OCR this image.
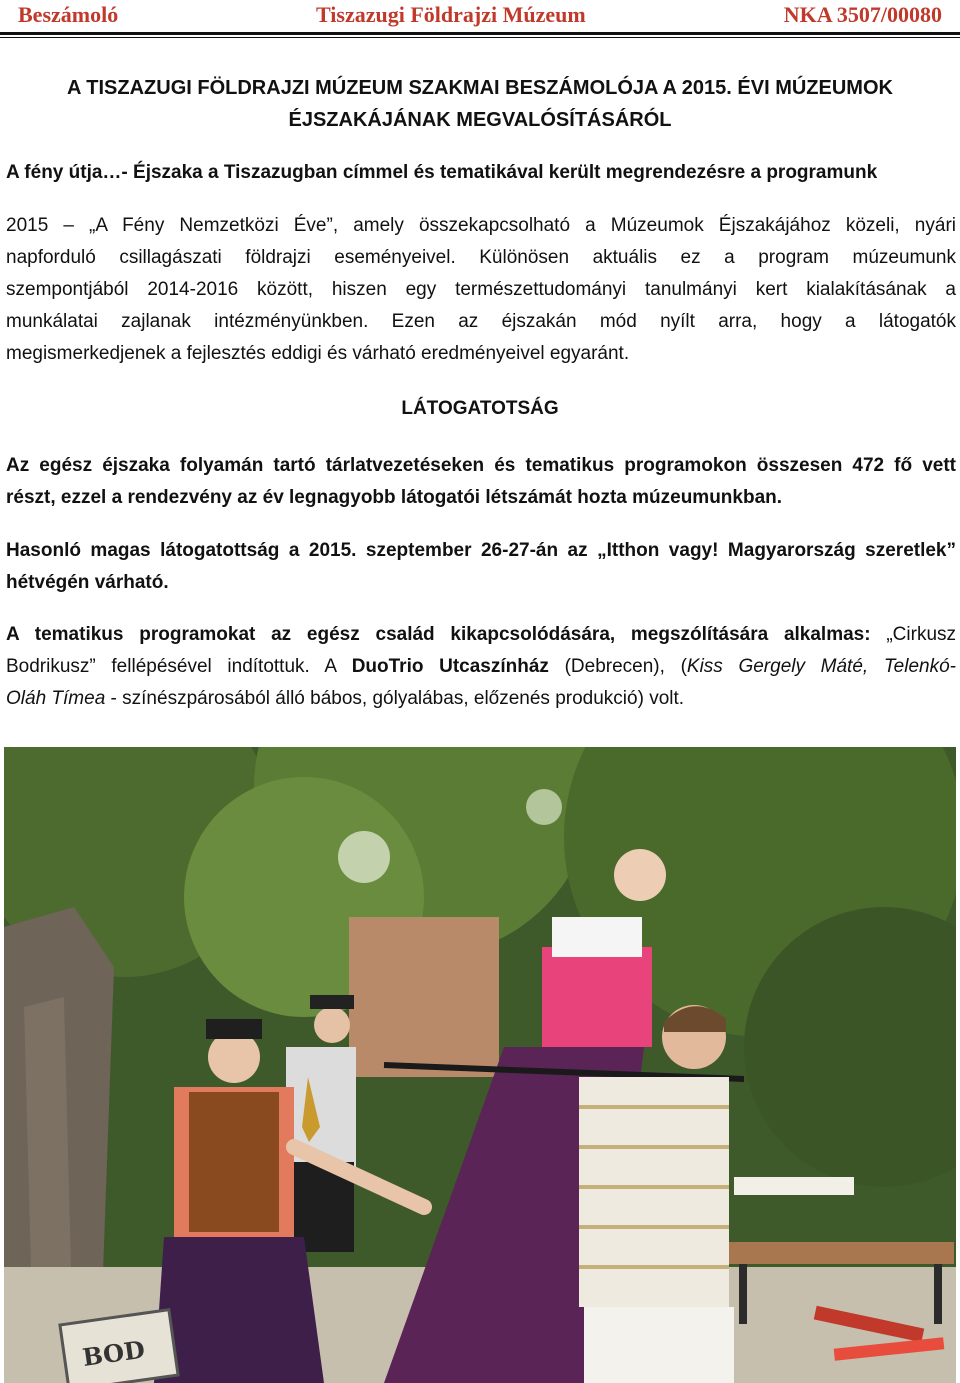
Beszámoló	Tiszazugi Földrajzi Múzeum	NKA 3507/00080
A TISZAZUGI FÖLDRAJZI MÚZEUM SZAKMAI BESZÁMOLÓJA A 2015. ÉVI MÚZEUMOK
ÉJSZAKÁJÁNAK MEGVALÓSÍTÁSÁRÓL
A fény útja…- Éjszaka a Tiszazugban címmel és tematikával került megrendezésre a programunk
2015 – „A Fény Nemzetközi Éve”, amely összekapcsolható a Múzeumok Éjszakájához közeli, nyári
napforduló csillagászati földrajzi eseményeivel. Különösen aktuális ez a program múzeumunk
szempontjából 2014-2016 között, hiszen egy természettudományi tanulmányi kert kialakításának a
munkálatai zajlanak intézményünkben. Ezen az éjszakán mód nyílt arra, hogy a látogatók
megismerkedjenek a fejlesztés eddigi és várható eredményeivel egyaránt.
LÁTOGATOTSÁG
Az egész éjszaka folyamán tartó tárlatvezetéseken és tematikus programokon összesen 472 fő vett
részt, ezzel a rendezvény az év legnagyobb látogatói létszámát hozta múzeumunkban.
Hasonló magas látogatottság a 2015. szeptember 26-27-án az „Itthon vagy! Magyarország szeretlek”
hétvégén várható.
A tematikus programokat az egész család kikapcsolódására, megszólítására alkalmas: „Cirkusz
Bodrikusz” fellépésével indítottuk. A DuoTrio Utcaszínház (Debrecen), (Kiss Gergely Máté, Telenkó-
Oláh Tímea - színészpárosából álló bábos, gólyalábas, előzenés produkció) volt.
BOD
